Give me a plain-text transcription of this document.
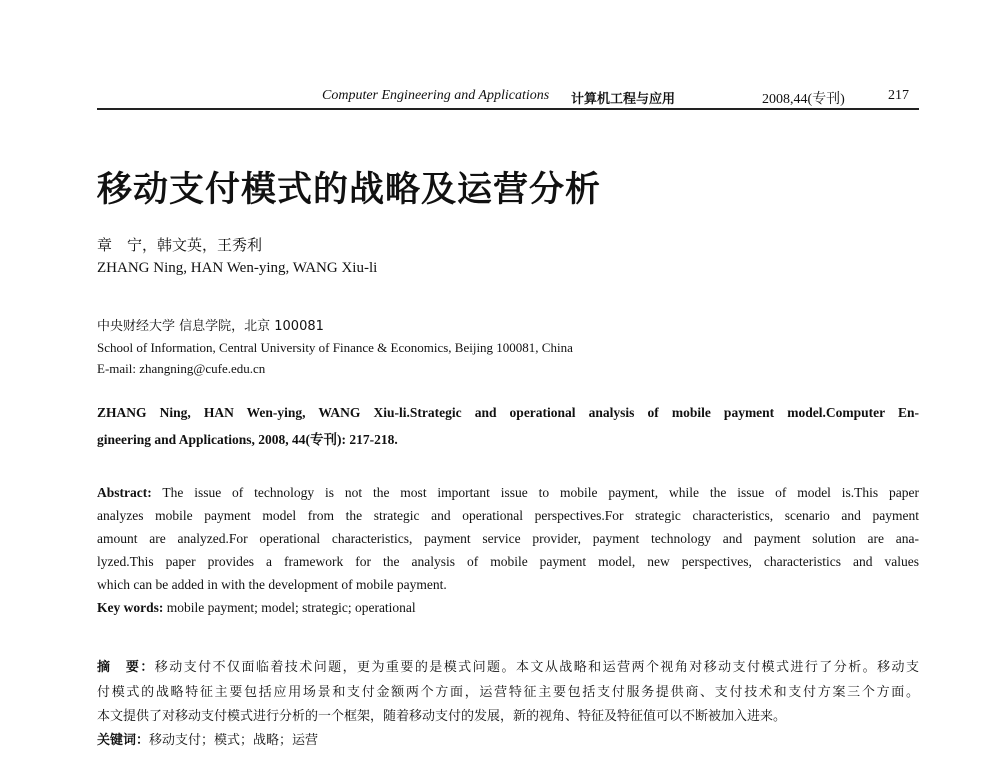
Computer Engineering and Applications 计算机工程与应用	2008,44(专刊)	217
移动支付模式的战略及运营分析
章　宁，韩文英，王秀利
ZHANG Ning, HAN Wen-ying, WANG Xiu-li
中央财经大学 信息学院，北京 100081
School of Information, Central University of Finance & Economics, Beijing 100081, China
E-mail: zhangning@cufe.edu.cn
ZHANG Ning, HAN Wen-ying, WANG Xiu-li.Strategic and operational analysis of mobile payment model.Computer En-
gineering and Applications, 2008, 44(专刊): 217-218.
Abstract: The issue of technology is not the most important issue to mobile payment, while the issue of model is.This paper
analyzes mobile payment model from the strategic and operational perspectives.For strategic characteristics, scenario and payment
amount are analyzed.For operational characteristics, payment service provider, payment technology and payment solution are ana-
lyzed.This paper provides a framework for the analysis of mobile payment model, new perspectives, characteristics and values
which can be added in with the development of mobile payment.
Key words: mobile payment; model; strategic; operational
摘　要：移动支付不仅面临着技术问题，更为重要的是模式问题。本文从战略和运营两个视角对移动支付模式进行了分析。移动支
付模式的战略特征主要包括应用场景和支付金额两个方面，运营特征主要包括支付服务提供商、支付技术和支付方案三个方面。
本文提供了对移动支付模式进行分析的一个框架，随着移动支付的发展，新的视角、特征及特征值可以不断被加入进来。
关键词：移动支付；模式；战略；运营
